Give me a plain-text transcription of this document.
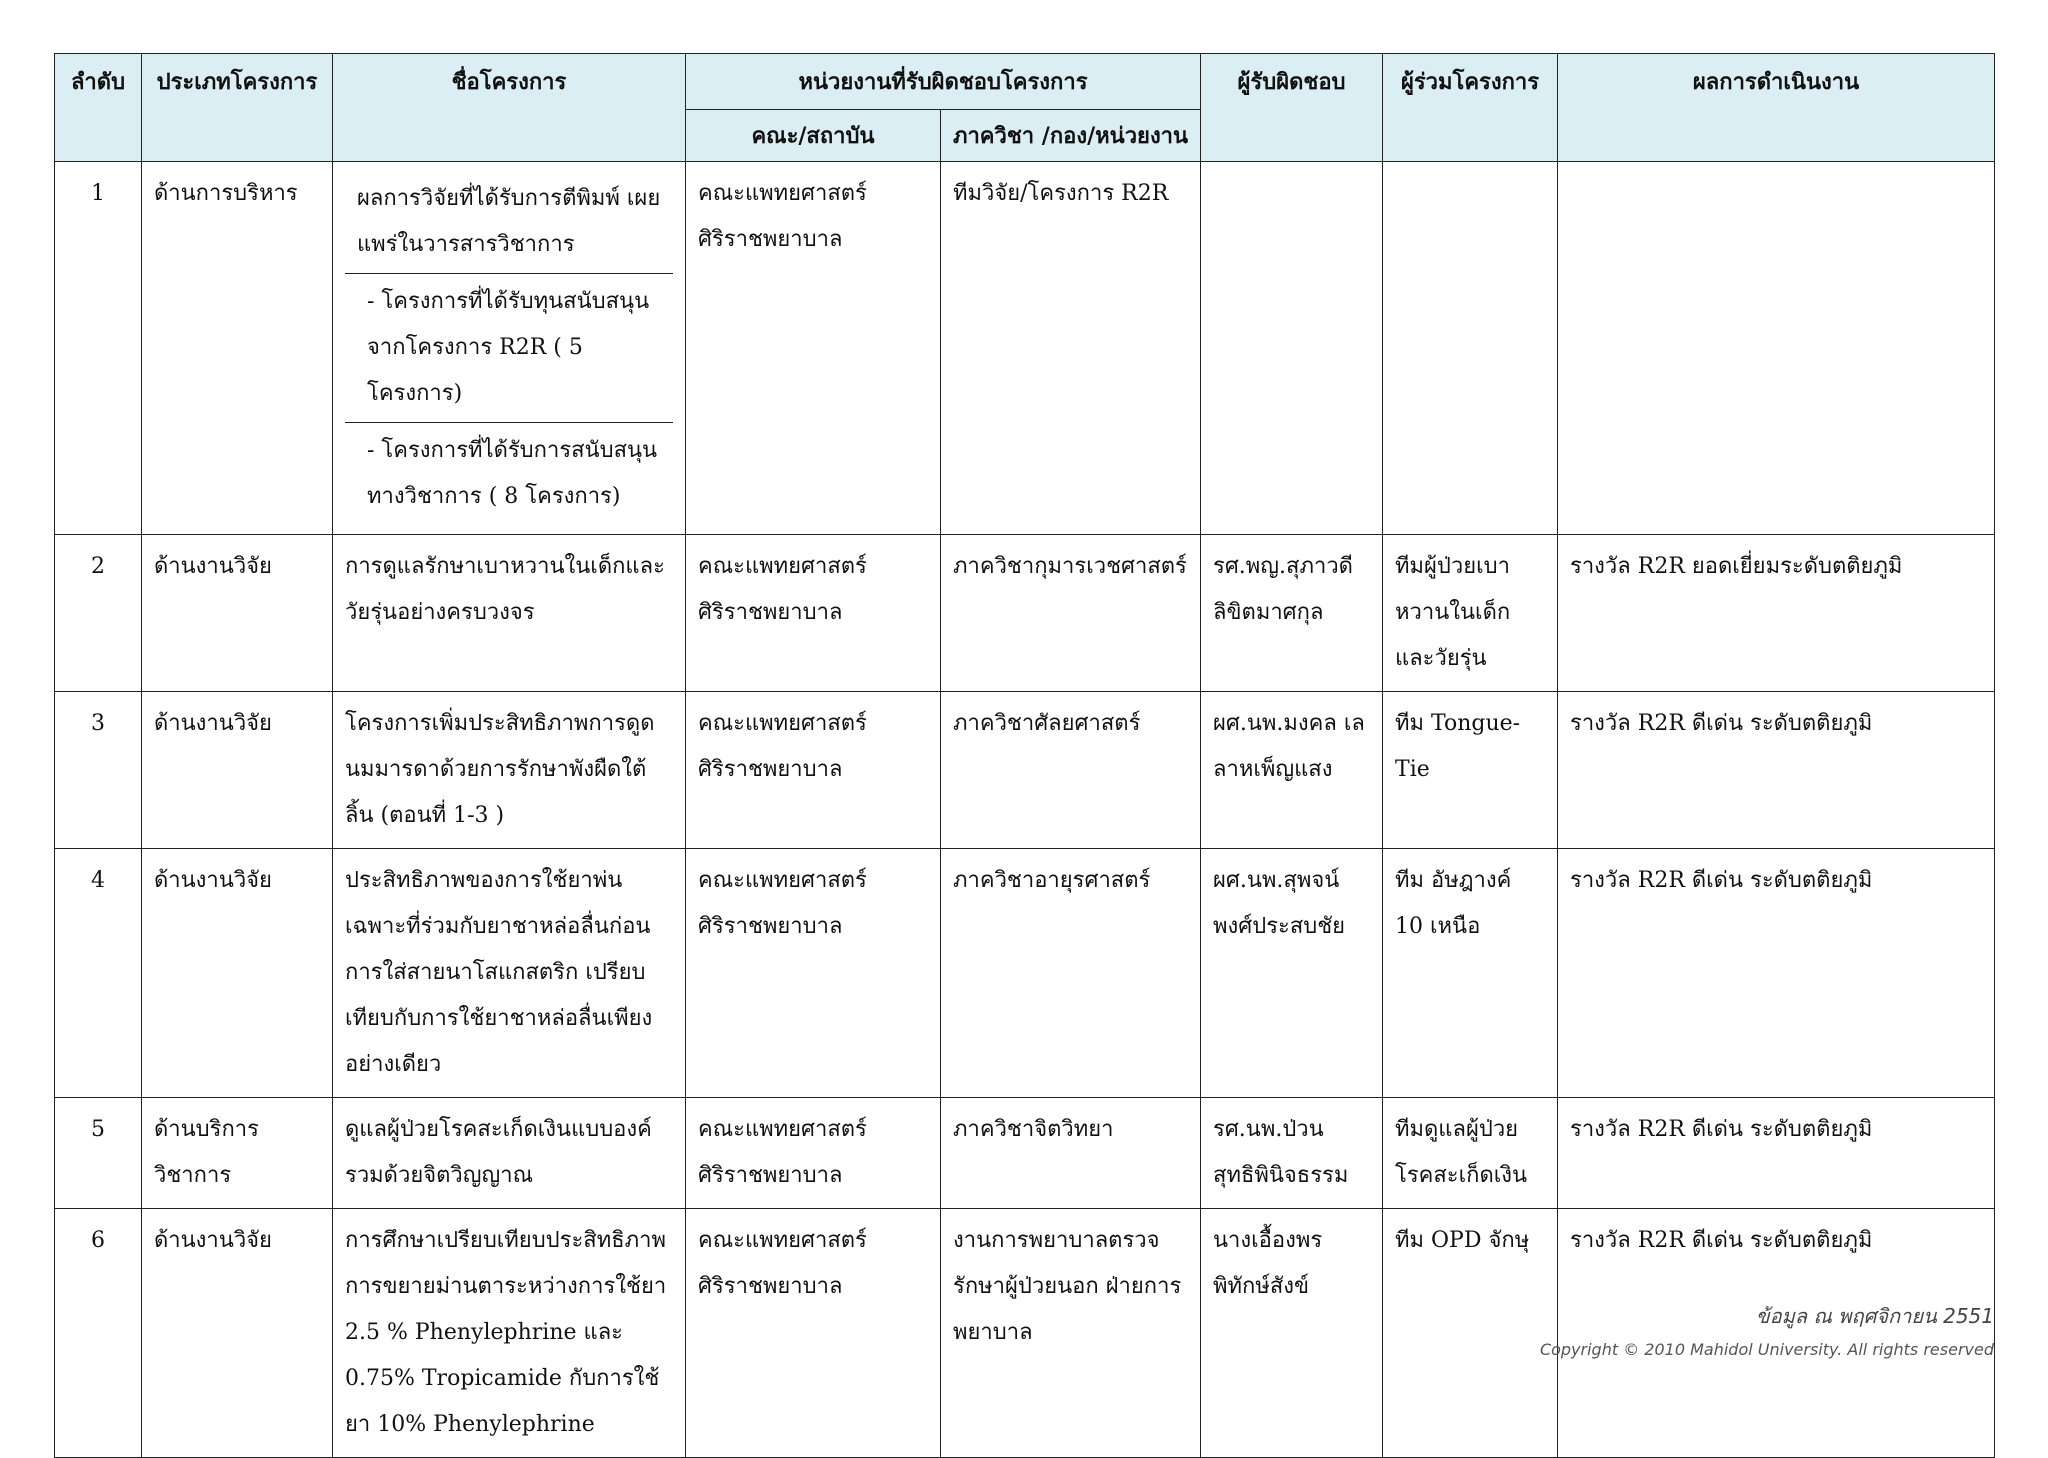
ลำดับ	ประเภทโครงการ	ชื่อโครงการ	หน่วยงานที่รับผิดชอบโครงการ		ผู้รับผิดชอบ	ผู้ร่วมโครงการ	ผลการดำเนินงาน
			คณะ/สถาบัน	ภาควิชา /กอง/หน่วยงาน			
1	ด้านการบริหาร	ผลการวิจัยที่ได้รับการตีพิมพ์ เผยแพร่ในวารสารวิชาการ
- โครงการที่ได้รับทุนสนับสนุน จากโครงการ R2R ( 5 โครงการ)
- โครงการที่ได้รับการสนับสนุน ทางวิชาการ ( 8 โครงการ)	คณะแพทยศาสตร์ศิริราชพยาบาล	ทีมวิจัย/โครงการ R2R			
2	ด้านงานวิจัย	การดูแลรักษาเบาหวานในเด็กและวัยรุ่นอย่างครบวงจร	คณะแพทยศาสตร์ศิริราชพยาบาล	ภาควิชากุมารเวชศาสตร์	รศ.พญ.สุภาวดี ลิขิตมาศกุล	ทีมผู้ป่วยเบาหวานในเด็กและวัยรุ่น	รางวัล R2R ยอดเยี่ยมระดับตติยภูมิ
3	ด้านงานวิจัย	โครงการเพิ่มประสิทธิภาพการดูดนมมารดาด้วยการรักษาพังผืดใต้ลิ้น (ตอนที่ 1-3 )	คณะแพทยศาสตร์ศิริราชพยาบาล	ภาควิชาศัลยศาสตร์	ผศ.นพ.มงคล เลลาหเพ็ญแสง	ทีม Tongue-Tie	รางวัล R2R ดีเด่น ระดับตติยภูมิ
4	ด้านงานวิจัย	ประสิทธิภาพของการใช้ยาพ่นเฉพาะที่ร่วมกับยาชาหล่อลื่นก่อนการใส่สายนาโสแกสตริก เปรียบเทียบกับการใช้ยาชาหล่อลื่นเพียงอย่างเดียว	คณะแพทยศาสตร์ศิริราชพยาบาล	ภาควิชาอายุรศาสตร์	ผศ.นพ.สุพจน์ พงศ์ประสบชัย	ทีม อัษฎางค์ 10 เหนือ	รางวัล R2R ดีเด่น ระดับตติยภูมิ
5	ด้านบริการวิชาการ	ดูแลผู้ป่วยโรคสะเก็ดเงินแบบองค์รวมด้วยจิตวิญญาณ	คณะแพทยศาสตร์ศิริราชพยาบาล	ภาควิชาจิตวิทยา	รศ.นพ.ป่วน สุทธิพินิจธรรม	ทีมดูแลผู้ป่วยโรคสะเก็ดเงิน	รางวัล R2R ดีเด่น ระดับตติยภูมิ
6	ด้านงานวิจัย	การศึกษาเปรียบเทียบประสิทธิภาพการขยายม่านตาระหว่างการใช้ยา 2.5 % Phenylephrine และ 0.75% Tropicamide กับการใช้ยา 10% Phenylephrine	คณะแพทยศาสตร์ศิริราชพยาบาล	งานการพยาบาลตรวจรักษาผู้ป่วยนอก ฝ่ายการพยาบาล	นางเอื้องพร พิทักษ์สังข์	ทีม OPD จักษุ	รางวัล R2R ดีเด่น ระดับตติยภูมิ
ข้อมูล ณ พฤศจิกายน 2551
Copyright © 2010 Mahidol University. All rights reserved
